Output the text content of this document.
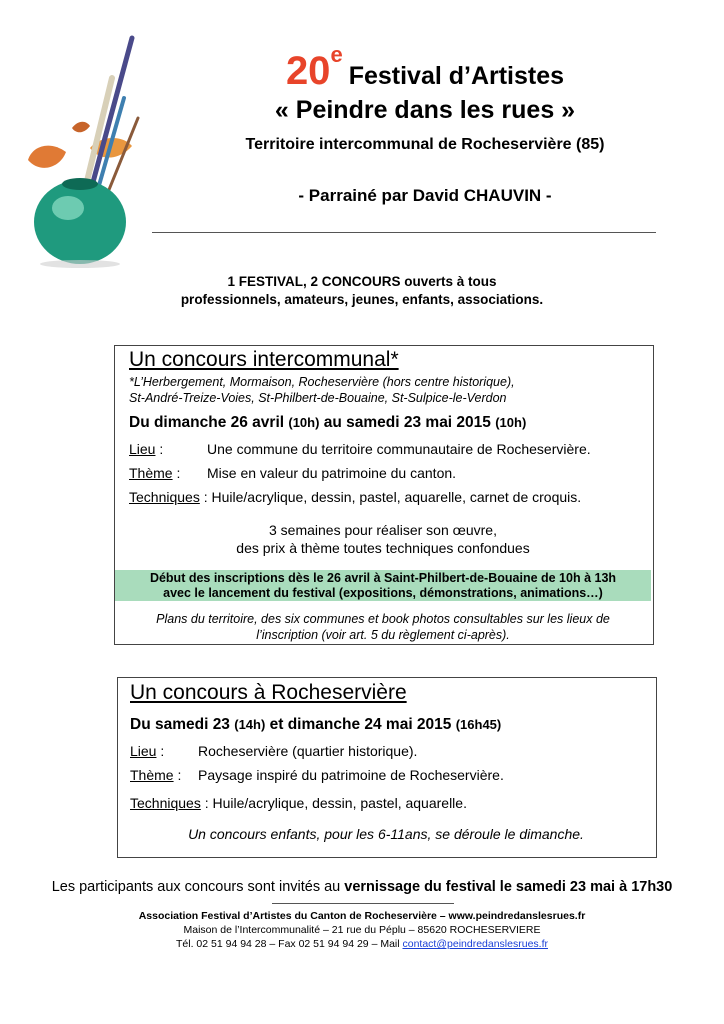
20eFestival d’Artistes
« Peindre dans les rues »
Territoire intercommunal de Rocheservière (85)
- Parrainé par David CHAUVIN -
1 FESTIVAL, 2 CONCOURS ouverts à tous
professionnels, amateurs, jeunes, enfants, associations.
Un concours intercommunal*
*L’Herbergement, Mormaison, Rocheservière (hors centre historique),
St-André-Treize-Voies, St-Philbert-de-Bouaine, St-Sulpice-le-Verdon
Du dimanche 26 avril (10h) au samedi 23 mai 2015 (10h)
Lieu :	Une commune du territoire communautaire de Rocheservière.
Thème : Mise en valeur du patrimoine du canton.
Techniques : Huile/acrylique, dessin, pastel, aquarelle, carnet de croquis.
3 semaines pour réaliser son œuvre,
des prix à thème toutes techniques confondues
Début des inscriptions dès le 26 avril à Saint-Philbert-de-Bouaine de 10h à 13h
avec le lancement du festival (expositions, démonstrations, animations…)
Plans du territoire, des six communes et book photos consultables sur les lieux de
l’inscription (voir art. 5 du règlement ci-après).
Un concours à Rocheservière
Du samedi 23 (14h) et dimanche 24 mai 2015 (16h45)
Lieu : Rocheservière (quartier historique).
Thème : Paysage inspiré du patrimoine de Rocheservière.
Techniques : Huile/acrylique, dessin, pastel, aquarelle.
Un concours enfants, pour les 6-11ans, se déroule le dimanche.
Les participants aux concours sont invités au vernissage du festival le samedi 23 mai à 17h30
Association Festival d’Artistes du Canton de Rocheservière – www.peindredanslesrues.fr
Maison de l’Intercommunalité – 21 rue du Péplu – 85620 ROCHESERVIERE
Tél. 02 51 94 94 28 – Fax 02 51 94 94 29 – Mail contact@peindredanslesrues.fr
